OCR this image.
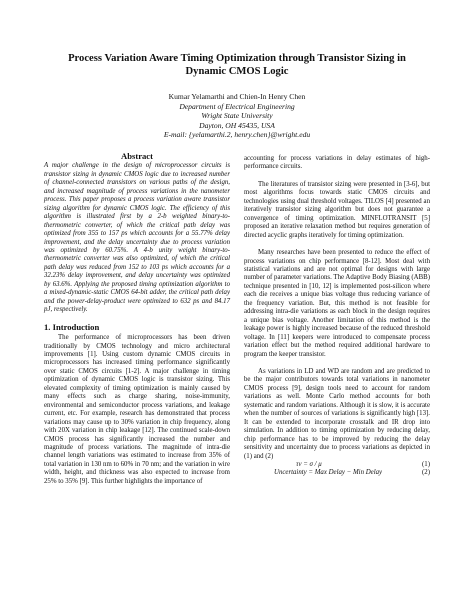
Process Variation Aware Timing Optimization through Transistor Sizing in
Dynamic CMOS Logic
Kumar Yelamarthi and Chien-In Henry Chen
Department of Electrical Engineering
Wright State University
Dayton, OH 45435, USA
E-mail: {yelamarthi.2, henry.chen}@wright.edu
Abstract
A major challenge in the design of microprocessor circuits is transistor sizing in dynamic CMOS logic due to increased number of channel-connected transistors on various paths of the design, and increased magnitude of process variations in the nanometer process. This paper proposes a process variation aware transistor sizing algorithm for dynamic CMOS logic. The efficiency of this algorithm is illustrated first by a 2-b weighted binary-to-thermometric converter, of which the critical path delay was optimized from 355 to 157 ps which accounts for a 55.77% delay improvement, and the delay uncertainty due to process variation was optimized by 60.75%. A 4-b unity weight binary-to-thermometric converter was also optimized, of which the critical path delay was reduced from 152 to 103 ps which accounts for a 32.23% delay improvement, and delay uncertainty was optimized by 63.6%. Applying the proposed timing optimization algorithm to a mixed-dynamic-static CMOS 64-bit adder, the critical path delay and the power-delay-product were optimized to 632 ps and 84.17 pJ, respectively.
1. Introduction

The performance of microprocessors has been driven traditionally by CMOS technology and micro architectural improvements [1]. Using custom dynamic CMOS circuits in microprocessors has increased timing performance significantly over static CMOS circuits [1-2]. A major challenge in timing optimization of dynamic CMOS logic is transistor sizing. This elevated complexity of timing optimization is mainly caused by many effects such as charge sharing, noise-immunity, environmental and semiconductor process variations, and leakage current, etc. For example, research has demonstrated that process variations may cause up to 30% variation in chip frequency, along with 20X variation in chip leakage [12]. The continued scale-down CMOS process has significantly increased the number and magnitude of process variations. The magnitude of intra-die channel length variations was estimated to increase from 35% of total variation in 130 nm to 60% in 70 nm; and the variation in wire width, height, and thickness was also expected to increase from 25% to 35% [9]. This further highlights the importance of

accounting for process variations in delay estimates of high-performance circuits.

The literatures of transistor sizing were presented in [3-6], but most algorithms focus towards static CMOS circuits and technologies using dual threshold voltages. TILOS [4] presented an iteratively transistor sizing algorithm but does not guarantee a convergence of timing optimization. MINFLOTRANSIT [5] proposed an iterative relaxation method but requires generation of directed acyclic graphs iteratively for timing optimization.

Many researches have been presented to reduce the effect of process variations on chip performance [8-12]. Most deal with statistical variations and are not optimal for designs with large number of parameter variations. The Adaptive Body Biasing (ABB) technique presented in [10, 12] is implemented post-silicon where each die receives a unique bias voltage thus reducing variance of the frequency variation. But, this method is not feasible for addressing intra-die variations as each block in the design requires a unique bias voltage. Another limitation of this method is the leakage power is highly increased because of the reduced threshold voltage. In [11] keepers were introduced to compensate process variation effect but the method required additional hardware to program the keeper transistor.

As variations in LD and WD are random and are predicted to be the major contributors towards total variations in nanometer CMOS process [9], design tools need to account for random variations as well. Monte Carlo method accounts for both systematic and random variations. Although it is slow, it is accurate when the number of sources of variations is significantly high [13]. It can be extended to incorporate crosstalk and IR drop into simulation. In addition to timing optimization by reducing delay, chip performance has to be improved by reducing the delay sensitivity and uncertainty due to process variations as depicted in (1) and (2)

τv = σ / μ	(1)
Uncertainty = Max Delay − Min Delay	(2)
